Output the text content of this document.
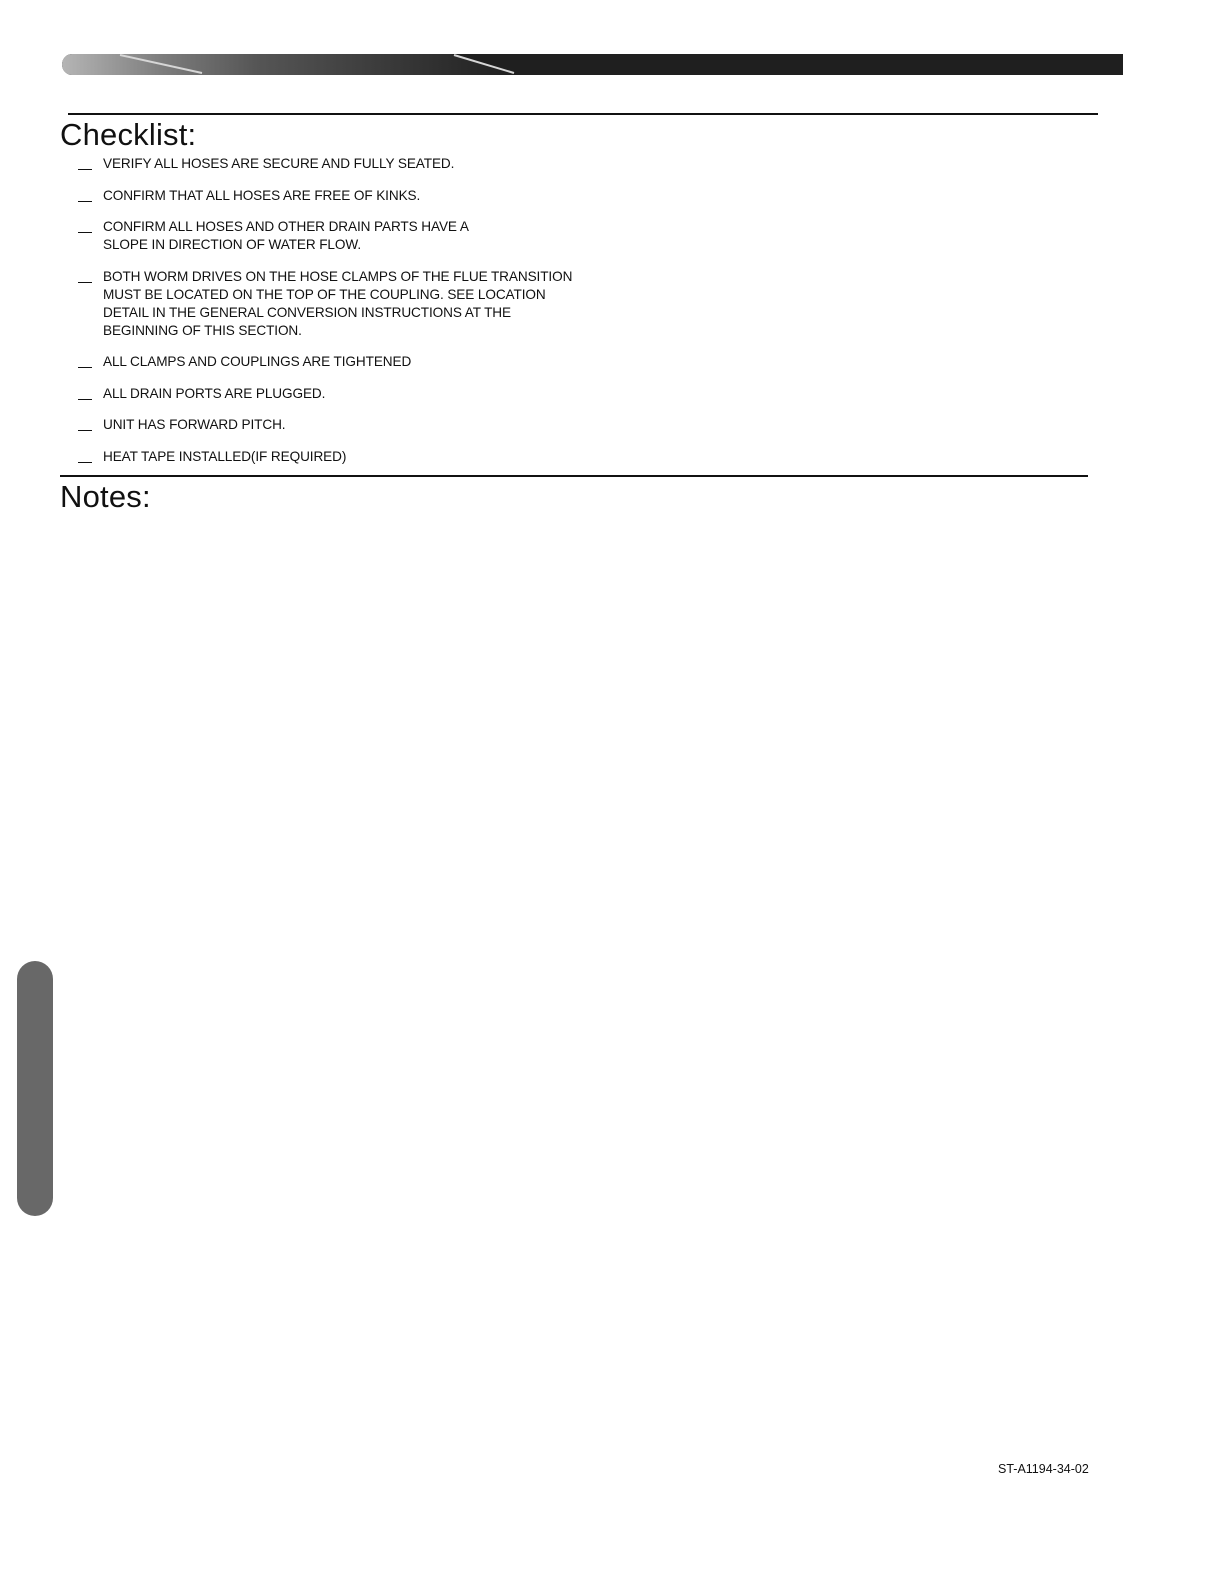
Checklist:
VERIFY ALL HOSES ARE SECURE AND FULLY SEATED.
CONFIRM THAT ALL HOSES ARE FREE OF KINKS.
CONFIRM ALL HOSES AND OTHER DRAIN PARTS HAVE A
SLOPE IN DIRECTION OF WATER FLOW.
BOTH WORM DRIVES ON THE HOSE CLAMPS OF THE FLUE TRANSITION
MUST BE LOCATED ON THE TOP OF THE COUPLING. SEE LOCATION
DETAIL IN THE GENERAL CONVERSION INSTRUCTIONS AT THE
BEGINNING OF THIS SECTION.
ALL CLAMPS AND COUPLINGS ARE TIGHTENED
ALL DRAIN PORTS ARE PLUGGED.
UNIT HAS FORWARD PITCH.
HEAT TAPE INSTALLED(IF REQUIRED)
Notes:
ST-A1194-34-02
